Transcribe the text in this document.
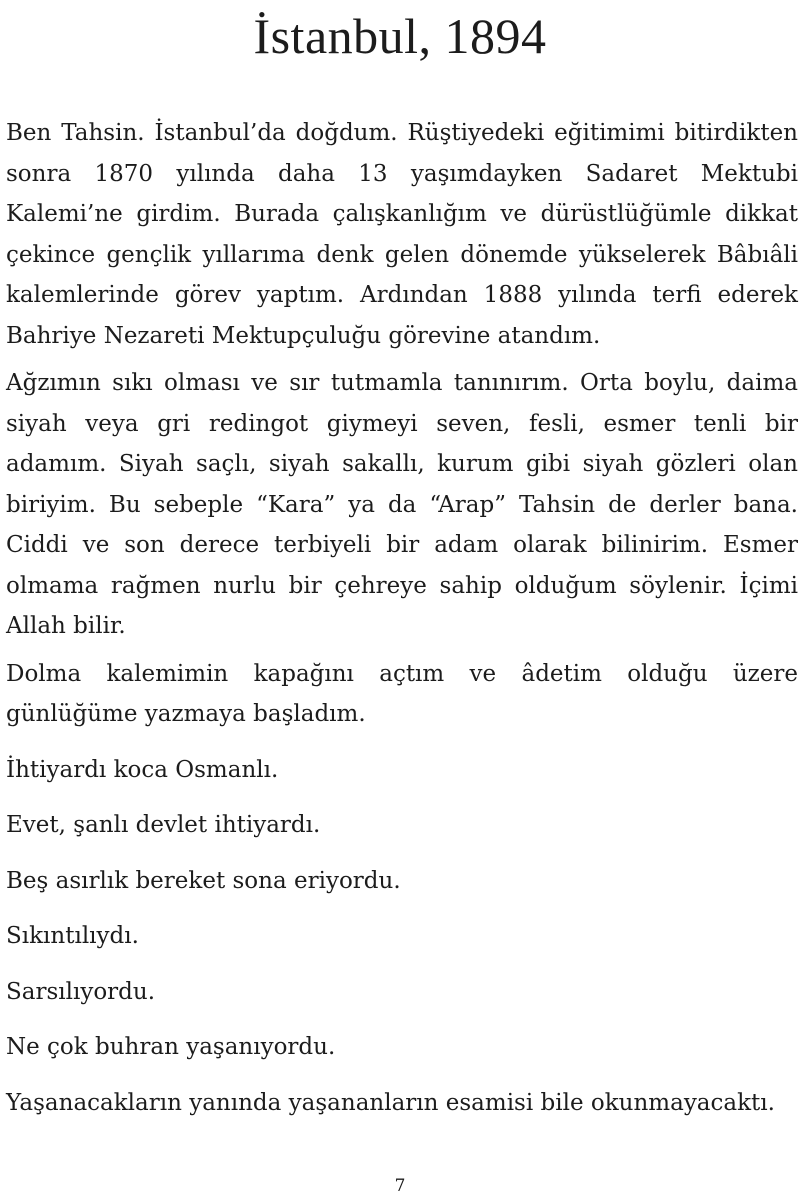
İstanbul, 1894

Ben Tahsin. İstanbul’da doğdum. Rüştiyedeki eğitimimi bitirdikten sonra 1870 yılında daha 13 yaşımdayken Sadaret Mektubi Kalemi’ne girdim. Burada çalışkanlığım ve dürüstlüğümle dikkat çekince gençlik yıllarıma denk gelen dönemde yükselerek Bâbıâli kalemlerinde görev yaptım. Ardından 1888 yılında terfi ederek Bahriye Nezareti Mektupçuluğu görevine atandım.

Ağzımın sıkı olması ve sır tutmamla tanınırım. Orta boylu, daima siyah veya gri redingot giymeyi seven, fesli, esmer tenli bir adamım. Siyah saçlı, siyah sakallı, kurum gibi siyah gözleri olan biriyim. Bu sebeple “Kara” ya da “Arap” Tahsin de derler bana. Ciddi ve son derece terbiyeli bir adam olarak bilinirim. Esmer olmama rağmen nurlu bir çehreye sahip olduğum söylenir. İçimi Allah bilir.

Dolma kalemimin kapağını açtım ve âdetim olduğu üzere günlüğüme yazmaya başladım.

İhtiyardı koca Osmanlı.

Evet, şanlı devlet ihtiyardı.

Beş asırlık bereket sona eriyordu.

Sıkıntılıydı.

Sarsılıyordu.

Ne çok buhran yaşanıyordu.

Yaşanacakların yanında yaşananların esamisi bile okunmayacaktı.

7
